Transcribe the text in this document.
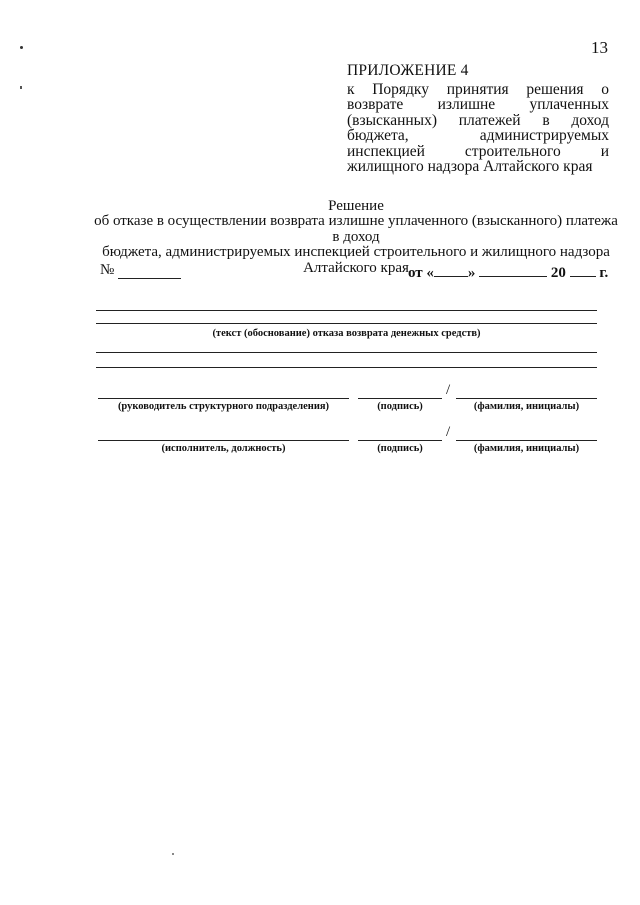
13
ПРИЛОЖЕНИЕ 4
к Порядку принятия решения о
возврате излишне уплаченных
(взысканных) платежей в доход
бюджета,	администрируемых
инспекцией	строительного	и
жилищного надзора Алтайского края
Решение
об отказе в осуществлении возврата излишне уплаченного (взысканного) платежа в доход
бюджета, администрируемых инспекцией строительного и жилищного надзора
Алтайского края
№	от « »	20 г.
(текст (обоснование) отказа возврата денежных средств)
/
(руководитель структурного подразделения)	(подпись)	(фамилия, инициалы)
/
(исполнитель, должность)	(подпись)	(фамилия, инициалы)
